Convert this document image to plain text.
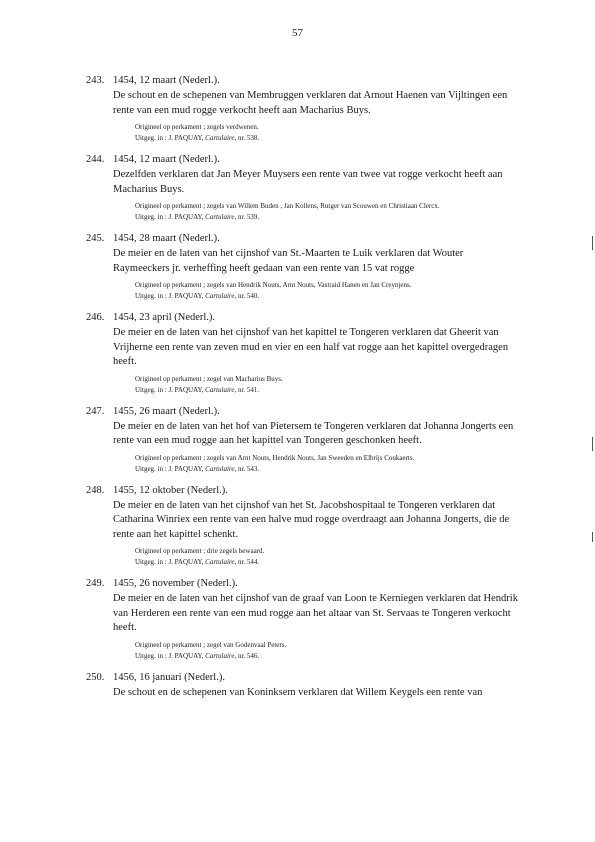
57
243. 1454, 12 maart (Nederl.).

De schout en de schepenen van Membruggen verklaren dat Arnout Haenen van Vijltingen een rente van een mud rogge verkocht heeft aan Macharius Buys.
Origineel op perkament ; zegels verdwenen.
Uitgeg. in : J. PAQUAY, Cartulaire, nr. 538.
244. 1454, 12 maart (Nederl.).

Dezelfden verklaren dat Jan Meyer Muysers een rente van twee vat rogge verkocht heeft aan Macharius Buys.
Origineel op perkament ; zegels van Willem Buden , Jan Kollens, Rutger van Scouwen en Christiaan Clercx.
Uitgeg. in : J. PAQUAY, Cartulaire, nr. 539.
245. 1454, 28 maart (Nederl.).

De meier en de laten van het cijnshof van St.-Maarten te Luik verklaren dat Wouter Raymeeckers jr. verheffing heeft gedaan van een rente van 15 vat rogge
Origineel op perkament ; zegels van Hendrik Nouts, Arnt Nouts, Vastraid Hanen en Jan Creynjens.
Uitgeg. in : J. PAQUAY, Cartulaire, nr. 540.
246. 1454, 23 april (Nederl.).

De meier en de laten van het cijnshof van het kapittel te Tongeren verklaren dat Gheerit van Vrijherne een rente van zeven mud en vier en een half vat rogge aan het kapittel overgedragen heeft.
Origineel op perkament ; zegel van Macharius Buys.
Uitgeg. in : J. PAQUAY, Cartulaire, nr. 541.
247. 1455, 26 maart (Nederl.).

De meier en de laten van het hof van Pietersem te Tongeren verklaren dat Johanna Jongerts een rente van een mud rogge aan het kapittel van Tongeren geschonken heeft.
Origineel op perkament ; zegels van Arnt Nouts, Hendrik Nouts, Jan Sweeden en Elbrijs Coukaerts.
Uitgeg. in : J. PAQUAY, Cartulaire, nr. 543.
248. 1455, 12 oktober (Nederl.).

De meier en de laten van het cijnshof van het St. Jacobshospitaal te Tongeren verklaren dat Catharina Winriex een rente van een halve mud rogge overdraagt aan Johanna Jongerts, die de rente aan het kapittel schenkt.
Origineel op perkament ; drie zegels bewaard.
Uitgeg. in : J. PAQUAY, Cartulaire, nr. 544.
249. 1455, 26 november (Nederl.).

De meier en de laten van het cijnshof van de graaf van Loon te Kerniegen verklaren dat Hendrik van Herderen een rente van een mud rogge aan het altaar van St. Servaas te Tongeren verkocht heeft.
Origineel op perkament ; zegel van Godenvaal Peters.
Uitgeg. in : J. PAQUAY, Cartulaire, nr. 546.
250. 1456, 16 januari (Nederl.).

De schout en de schepenen van Koninksem verklaren dat Willem Keygels een rente van
